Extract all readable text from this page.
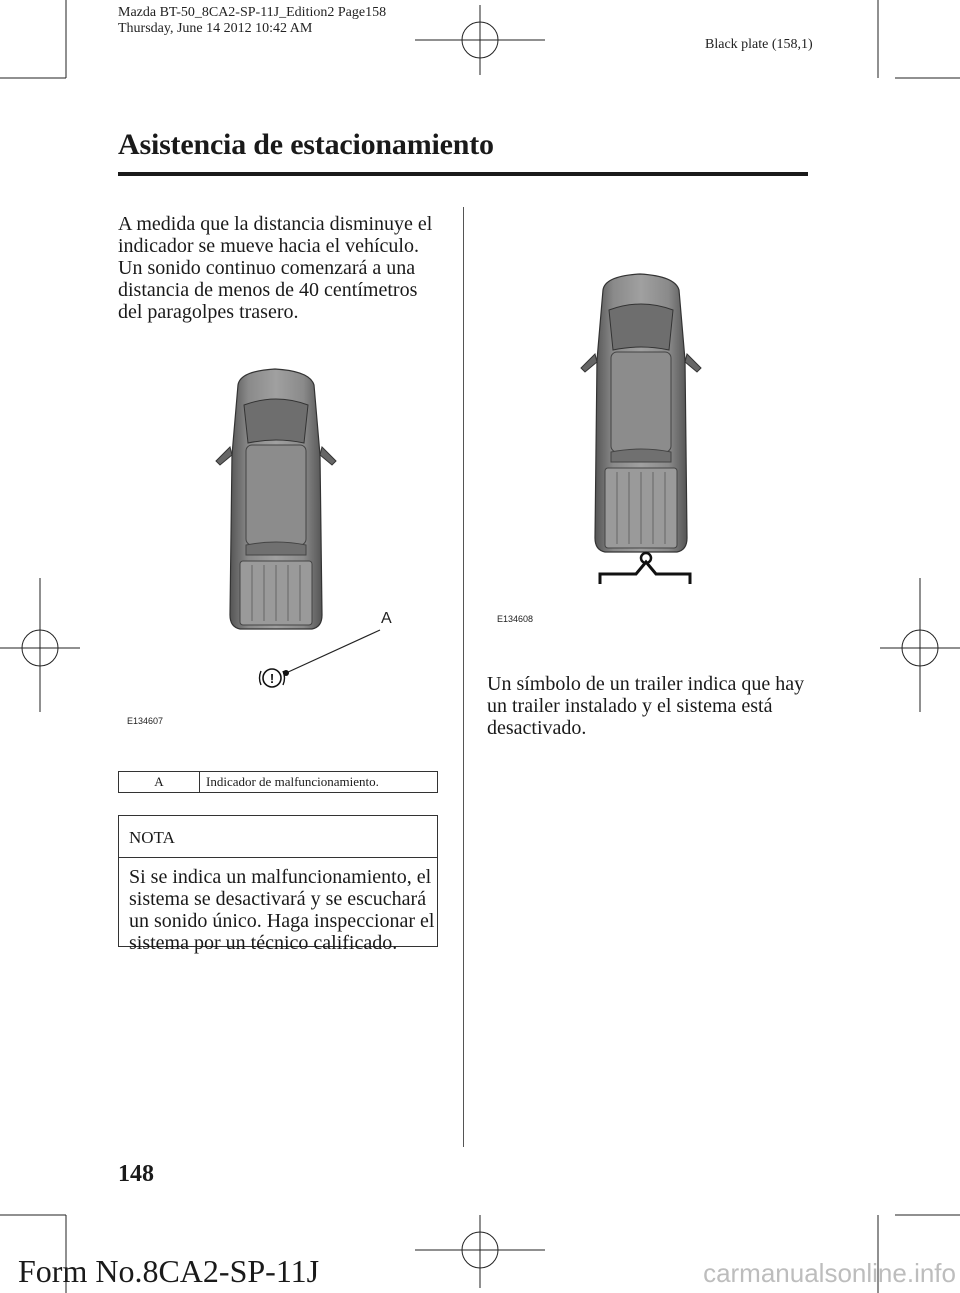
Mazda BT-50_8CA2-SP-11J_Edition2 Page158
Thursday, June 14 2012 10:42 AM
Black plate (158,1)
Asistencia de estacionamiento
A medida que la distancia disminuye el indicador se mueve hacia el vehículo. Un sonido continuo comenzará a una distancia de menos de 40 centímetros del paragolpes trasero.
A
!
E134607
A	Indicador de malfuncionamiento.
NOTA
Si se indica un malfuncionamiento, el sistema se desactivará y se escuchará un sonido único. Haga inspeccionar el sistema por un técnico calificado.
E134608
Un símbolo de un trailer indica que hay un trailer instalado y el sistema está desactivado.
148
Form No.8CA2-SP-11J	carmanualsonline.info
